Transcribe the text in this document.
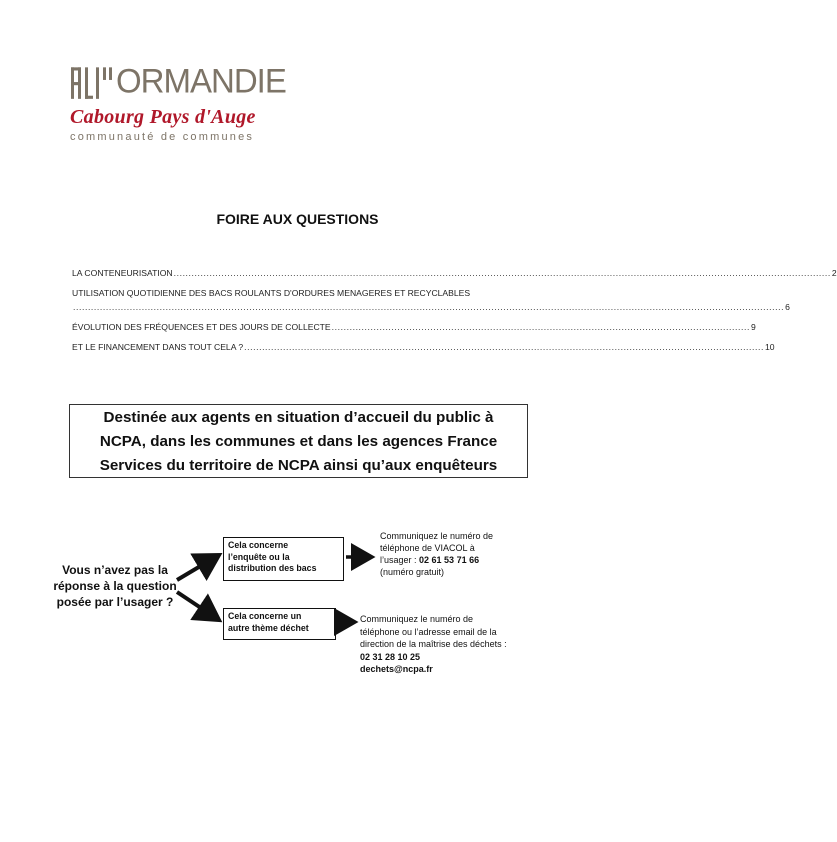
ORMANDIE
Cabourg Pays d'Auge
communauté de communes
FOIRE AUX QUESTIONS
LA CONTENEURISATION ............................................................................................................................................................................................................................ 2
UTILISATION QUOTIDIENNE DES BACS ROULANTS D'ORDURES MENAGERES ET RECYCLABLES
.............................................................................................................................................................................................................................................. 6
ÉVOLUTION DES FRÉQUENCES ET DES JOURS DE COLLECTE ............................................................................................................................................ 9
ET LE FINANCEMENT DANS TOUT CELA ? .............................................................................................................................................................................. 10
Destinée aux agents en situation d’accueil du public à
NCPA, dans les communes et dans les agences France
Services du territoire de NCPA ainsi qu’aux enquêteurs
Vous n’avez pas la
réponse à la question
posée par l’usager ?
Cela concerne
l’enquête ou la
distribution des bacs
Cela concerne un
autre thème déchet
Communiquez le numéro de
téléphone de VIACOL à
l’usager : 02 61 53 71 66
(numéro gratuit)
Communiquez le numéro de
téléphone ou l’adresse email de la
direction de la maîtrise des déchets :
02 31 28 10 25
dechets@ncpa.fr
